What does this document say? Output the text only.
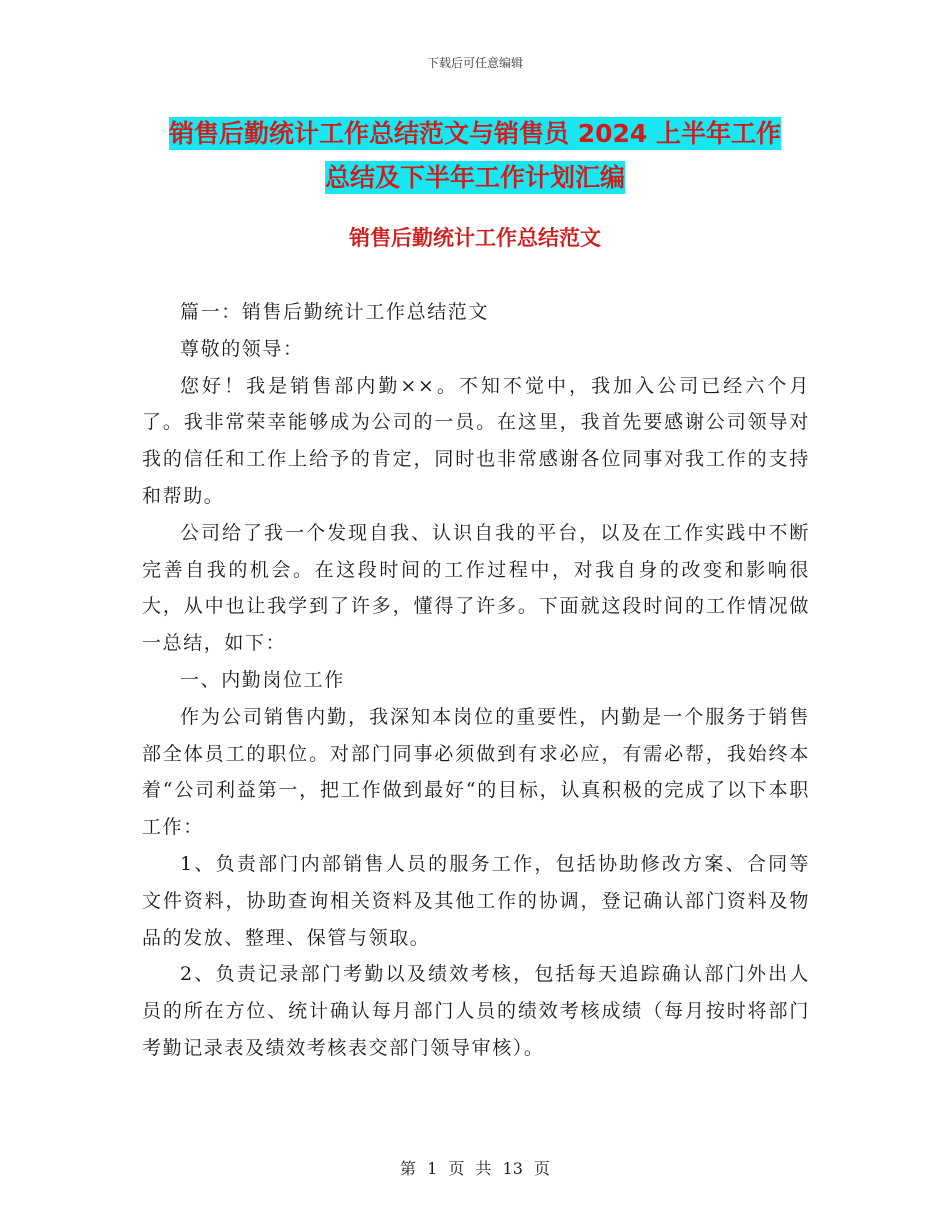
下载后可任意编辑
销售后勤统计工作总结范文与销售员 2024 上半年工作
总结及下半年工作计划汇编
销售后勤统计工作总结范文

篇一：销售后勤统计工作总结范文

尊敬的领导：

您好！我是销售部内勤××。不知不觉中，我加入公司已经六个月了。我非常荣幸能够成为公司的一员。在这里，我首先要感谢公司领导对我的信任和工作上给予的肯定，同时也非常感谢各位同事对我工作的支持和帮助。

公司给了我一个发现自我、认识自我的平台，以及在工作实践中不断完善自我的机会。在这段时间的工作过程中，对我自身的改变和影响很大，从中也让我学到了许多，懂得了许多。下面就这段时间的工作情况做一总结，如下：

一、内勤岗位工作

作为公司销售内勤，我深知本岗位的重要性，内勤是一个服务于销售部全体员工的职位。对部门同事必须做到有求必应，有需必帮，我始终本着“公司利益第一，把工作做到最好“的目标，认真积极的完成了以下本职工作：

1、负责部门内部销售人员的服务工作，包括协助修改方案、合同等文件资料，协助查询相关资料及其他工作的协调，登记确认部门资料及物品的发放、整理、保管与领取。

2、负责记录部门考勤以及绩效考核，包括每天追踪确认部门外出人员的所在方位、统计确认每月部门人员的绩效考核成绩（每月按时将部门考勤记录表及绩效考核表交部门领导审核）。

第 1 页 共 13 页
